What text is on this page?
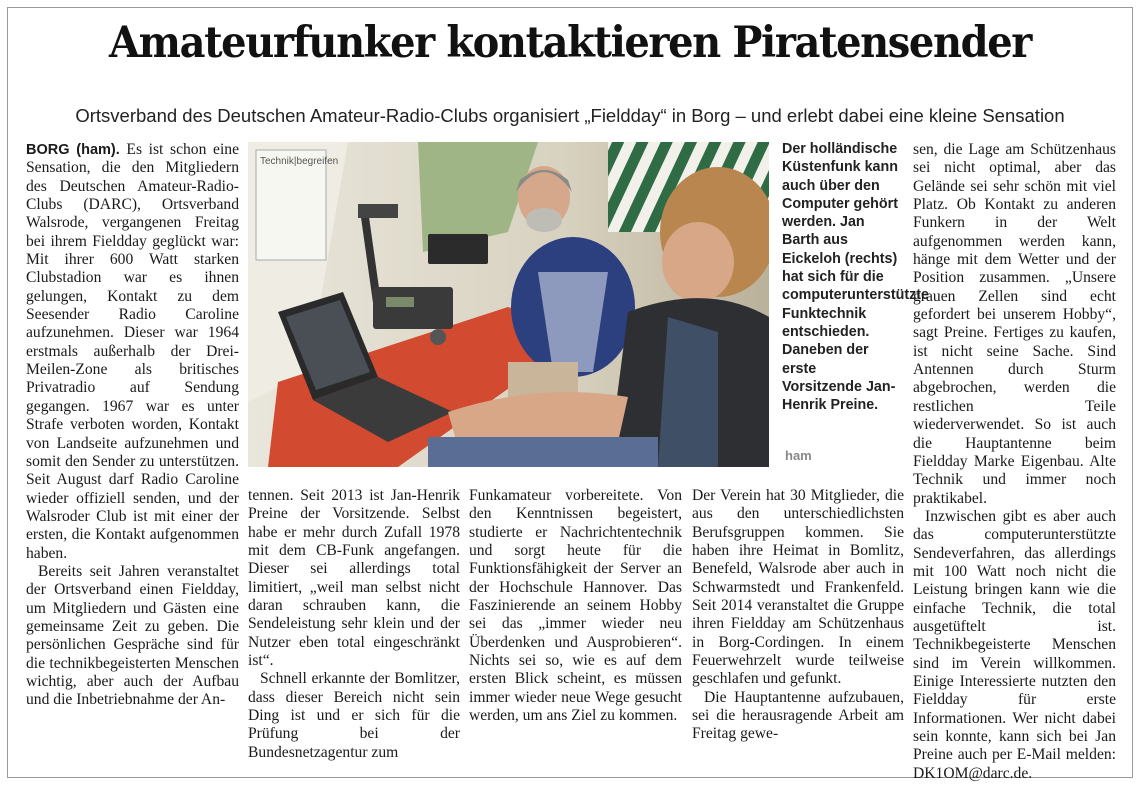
Amateurfunker kontaktieren Piratensender
Ortsverband des Deutschen Amateur-Radio-Clubs organisiert „Fieldday“ in Borg – und erlebt dabei eine kleine Sensation

BORG (ham). Es ist schon eine Sensation, die den Mitgliedern des Deutschen Amateur-Radio-Clubs (DARC), Ortsverband Walsrode, vergangenen Freitag bei ihrem Fieldday geglückt war: Mit ihrer 600 Watt starken Clubstadion war es ihnen gelungen, Kontakt zu dem Seesender Radio Caroline aufzunehmen. Dieser war 1964 erstmals außerhalb der Drei-Meilen-Zone als britisches Privatradio auf Sendung gegangen. 1967 war es unter Strafe verboten worden, Kontakt von Landseite aufzunehmen und somit den Sender zu unterstützen. Seit August darf Radio Caroline wieder offiziell senden, und der Walsroder Club ist mit einer der ersten, die Kontakt aufgenommen haben.

Bereits seit Jahren veranstaltet der Ortsverband einen Fieldday, um Mitgliedern und Gästen eine gemeinsame Zeit zu geben. Die persönlichen Gespräche sind für die technikbegeisterten Menschen wichtig, aber auch der Aufbau und die Inbetriebnahme der An-

Technik|begreifen
Der holländische Küstenfunk kann auch über den Computer gehört werden. Jan Barth aus Eickeloh (rechts) hat sich für die computerunterstützte Funktechnik entschieden. Daneben der erste Vorsitzende Jan-Henrik Preine.
ham

tennen. Seit 2013 ist Jan-Henrik Preine der Vorsitzende. Selbst habe er mehr durch Zufall 1978 mit dem CB-Funk angefangen. Dieser sei allerdings total limitiert, „weil man selbst nicht daran schrauben kann, die Sendeleistung sehr klein und der Nutzer eben total eingeschränkt ist“.

Schnell erkannte der Bomlitzer, dass dieser Bereich nicht sein Ding ist und er sich für die Prüfung bei der Bundesnetzagentur zum

Funkamateur vorbereitete. Von den Kenntnissen begeistert, studierte er Nachrichtentechnik und sorgt heute für die Funktionsfähigkeit der Server an der Hochschule Hannover. Das Faszinierende an seinem Hobby sei das „immer wieder neu Überdenken und Ausprobieren“. Nichts sei so, wie es auf dem ersten Blick scheint, es müssen immer wieder neue Wege gesucht werden, um ans Ziel zu kommen.

Der Verein hat 30 Mitglieder, die aus den unterschiedlichsten Berufsgruppen kommen. Sie haben ihre Heimat in Bomlitz, Benefeld, Walsrode aber auch in Schwarmstedt und Frankenfeld. Seit 2014 veranstaltet die Gruppe ihren Fieldday am Schützenhaus in Borg-Cordingen. In einem Feuerwehrzelt wurde teilweise geschlafen und gefunkt.

Die Hauptantenne aufzubauen, sei die herausragende Arbeit am Freitag gewe-

sen, die Lage am Schützenhaus sei nicht optimal, aber das Gelände sei sehr schön mit viel Platz. Ob Kontakt zu anderen Funkern in der Welt aufgenommen werden kann, hänge mit dem Wetter und der Position zusammen. „Unsere grauen Zellen sind echt gefordert bei unserem Hobby“, sagt Preine. Fertiges zu kaufen, ist nicht seine Sache. Sind Antennen durch Sturm abgebrochen, werden die restlichen Teile wiederverwendet. So ist auch die Hauptantenne beim Fieldday Marke Eigenbau. Alte Technik und immer noch praktikabel.

Inzwischen gibt es aber auch das computerunterstützte Sendeverfahren, das allerdings mit 100 Watt noch nicht die Leistung bringen kann wie die einfache Technik, die total ausgetüftelt ist. Technikbegeisterte Menschen sind im Verein willkommen. Einige Interessierte nutzten den Fieldday für erste Informationen. Wer nicht dabei sein konnte, kann sich bei Jan Preine auch per E-Mail melden: DK1OM@darc.de.
